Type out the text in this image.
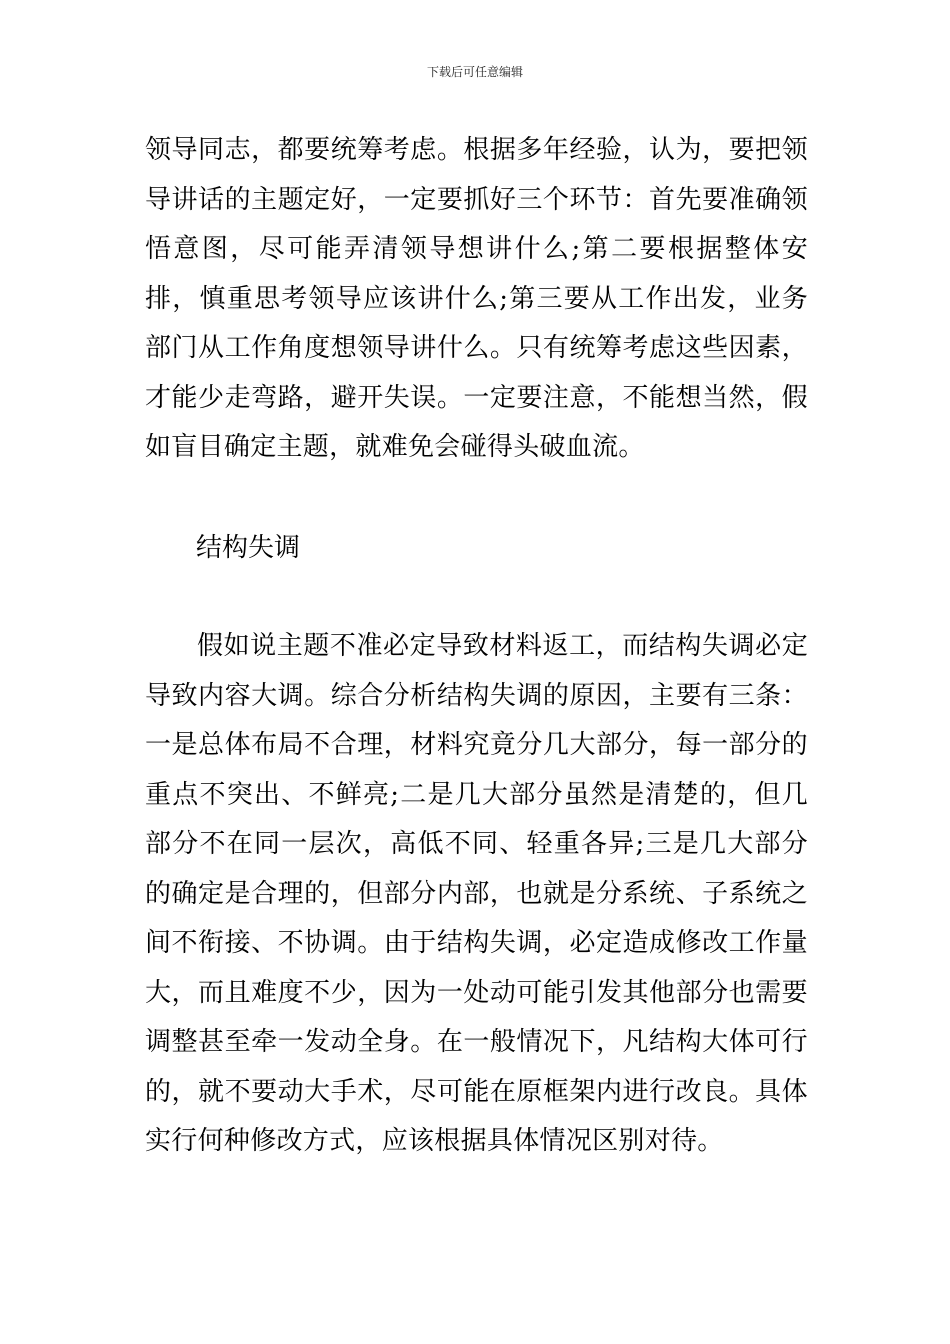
下载后可任意编辑

领导同志，都要统筹考虑。根据多年经验，认为，要把领导讲话的主题定好，一定要抓好三个环节：首先要准确领悟意图，尽可能弄清领导想讲什么;第二要根据整体安排，慎重思考领导应该讲什么;第三要从工作出发，业务部门从工作角度想领导讲什么。只有统筹考虑这些因素，才能少走弯路，避开失误。一定要注意，不能想当然，假如盲目确定主题，就难免会碰得头破血流。

结构失调

假如说主题不准必定导致材料返工，而结构失调必定导致内容大调。综合分析结构失调的原因，主要有三条：一是总体布局不合理，材料究竟分几大部分，每一部分的重点不突出、不鲜亮;二是几大部分虽然是清楚的，但几部分不在同一层次，高低不同、轻重各异;三是几大部分的确定是合理的，但部分内部，也就是分系统、子系统之间不衔接、不协调。由于结构失调，必定造成修改工作量大，而且难度不少，因为一处动可能引发其他部分也需要调整甚至牵一发动全身。在一般情况下，凡结构大体可行的，就不要动大手术，尽可能在原框架内进行改良。具体实行何种修改方式，应该根据具体情况区别对待。
